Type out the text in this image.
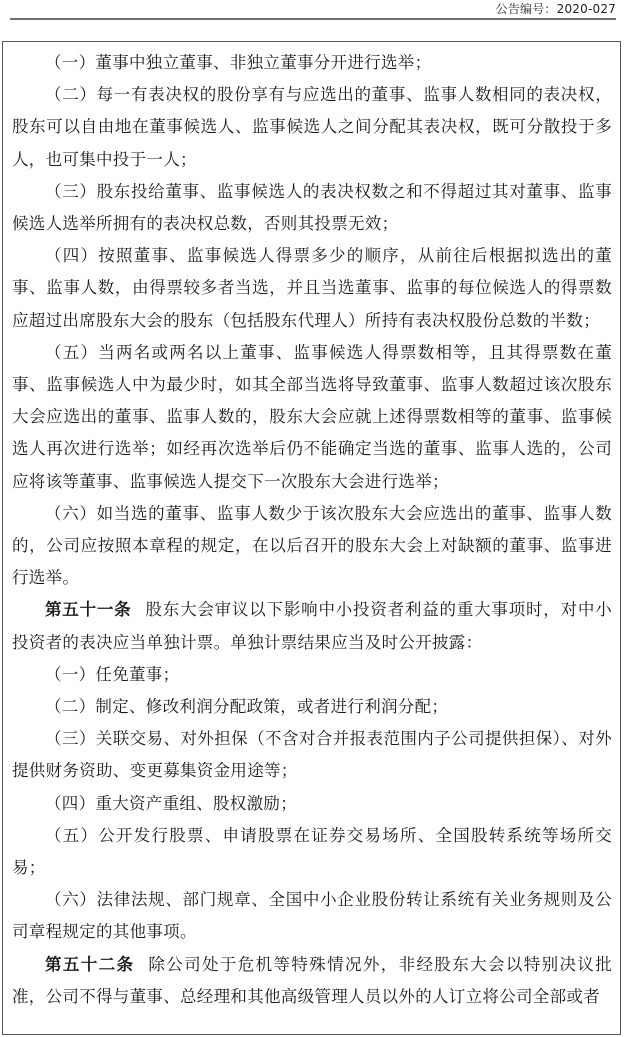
公告编号：2020-027

（一）董事中独立董事、非独立董事分开进行选举；

（二）每一有表决权的股份享有与应选出的董事、监事人数相同的表决权，股东可以自由地在董事候选人、监事候选人之间分配其表决权，既可分散投于多人，也可集中投于一人；

（三）股东投给董事、监事候选人的表决权数之和不得超过其对董事、监事候选人选举所拥有的表决权总数，否则其投票无效；

（四）按照董事、监事候选人得票多少的顺序，从前往后根据拟选出的董事、监事人数，由得票较多者当选，并且当选董事、监事的每位候选人的得票数应超过出席股东大会的股东（包括股东代理人）所持有表决权股份总数的半数；

（五）当两名或两名以上董事、监事候选人得票数相等，且其得票数在董事、监事候选人中为最少时，如其全部当选将导致董事、监事人数超过该次股东大会应选出的董事、监事人数的，股东大会应就上述得票数相等的董事、监事候选人再次进行选举；如经再次选举后仍不能确定当选的董事、监事人选的，公司应将该等董事、监事候选人提交下一次股东大会进行选举；

（六）如当选的董事、监事人数少于该次股东大会应选出的董事、监事人数的，公司应按照本章程的规定，在以后召开的股东大会上对缺额的董事、监事进行选举。

第五十一条 股东大会审议以下影响中小投资者利益的重大事项时，对中小投资者的表决应当单独计票。单独计票结果应当及时公开披露：

（一）任免董事；

（二）制定、修改利润分配政策，或者进行利润分配；

（三）关联交易、对外担保（不含对合并报表范围内子公司提供担保）、对外提供财务资助、变更募集资金用途等；

（四）重大资产重组、股权激励；

（五）公开发行股票、申请股票在证券交易场所、全国股转系统等场所交易；

（六）法律法规、部门规章、全国中小企业股份转让系统有关业务规则及公司章程规定的其他事项。

第五十二条 除公司处于危机等特殊情况外，非经股东大会以特别决议批准，公司不得与董事、总经理和其他高级管理人员以外的人订立将公司全部或者
